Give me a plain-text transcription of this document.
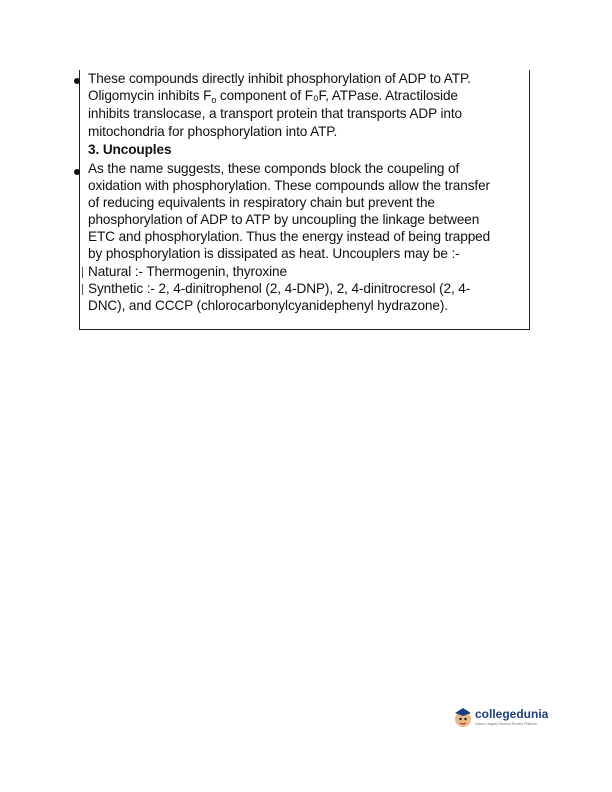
These compounds directly inhibit phosphorylation of ADP to ATP.
Oligomycin inhibits $F_o$ component of F₀F, ATPase. Atractiloside
inhibits translocase, a transport protein that transports ADP into
mitochondria for phosphorylation into ATP.
3. Uncouples
As the name suggests, these componds block the coupeling of
oxidation with phosphorylation. These compounds allow the transfer
of reducing equivalents in respiratory chain but prevent the
phosphorylation of ADP to ATP by uncoupling the linkage between
ETC and phosphorylation. Thus the energy instead of being trapped
by phosphorylation is dissipated as heat. Uncouplers may be :-
Natural :- Thermogenin, thyroxine
Synthetic :- 2, 4-dinitrophenol (2, 4-DNP), 2, 4-dinitrocresol (2, 4-
DNC), and CCCP (chlorocarbonylcyanidephenyl hydrazone).
collegedunia
India's Largest Student Review Platform
